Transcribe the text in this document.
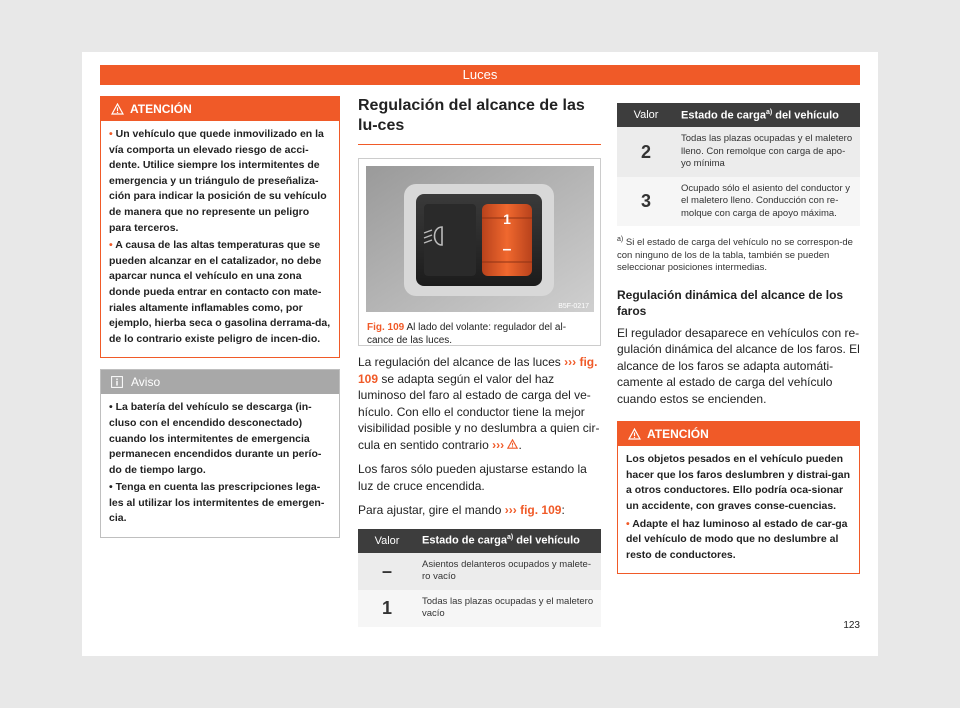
Luces
ATENCIÓN

• Un vehículo que quede inmovilizado en la vía comporta un elevado riesgo de acci-dente. Utilice siempre los intermitentes de emergencia y un triángulo de preseñaliza-ción para indicar la posición de su vehículo de manera que no represente un peligro para terceros.

• A causa de las altas temperaturas que se pueden alcanzar en el catalizador, no debe aparcar nunca el vehículo en una zona donde pueda entrar en contacto con mate-riales altamente inflamables como, por ejemplo, hierba seca o gasolina derrama-da, de lo contrario existe peligro de incen-dio.

Aviso

• La batería del vehículo se descarga (in-cluso con el encendido desconectado) cuando los intermitentes de emergencia permanecen encendidos durante un perío-do de tiempo largo.

• Tenga en cuenta las prescripciones lega-les al utilizar los intermitentes de emergen-cia.

Regulación del alcance de las lu-ces
1
–
B5F-0217
Fig. 109 Al lado del volante: regulador del al-cance de las luces.

La regulación del alcance de las luces ››› fig. 109 se adapta según el valor del haz luminoso del faro al estado de carga del ve-hículo. Con ello el conductor tiene la mejor visibilidad posible y no deslumbra a quien cir-cula en sentido contrario ››› .

Los faros sólo pueden ajustarse estando la luz de cruce encendida.

Para ajustar, gire el mando ››› fig. 109:

Valor	Estado de carga$^{a)}$ del vehículo
–	Asientos delanteros ocupados y malete-ro vacío
1	Todas las plazas ocupadas y el maletero vacío
Valor	Estado de carga$^{a)}$ del vehículo
2	Todas las plazas ocupadas y el maletero lleno. Con remolque con carga de apo-yo mínima
3	Ocupado sólo el asiento del conductor y el maletero lleno. Conducción con re-molque con carga de apoyo máxima.

$^{a)}$ Si el estado de carga del vehículo no se correspon-de con ninguno de los de la tabla, también se pueden seleccionar posiciones intermedias.

Regulación dinámica del alcance de los faros

El regulador desaparece en vehículos con re-gulación dinámica del alcance de los faros. El alcance de los faros se adapta automáti-camente al estado de carga del vehículo cuando estos se encienden.

ATENCIÓN

Los objetos pesados en el vehículo pueden hacer que los faros deslumbren y distrai-gan a otros conductores. Ello podría oca-sionar un accidente, con graves conse-cuencias.

• Adapte el haz luminoso al estado de car-ga del vehículo de modo que no deslumbre al resto de conductores.

123
